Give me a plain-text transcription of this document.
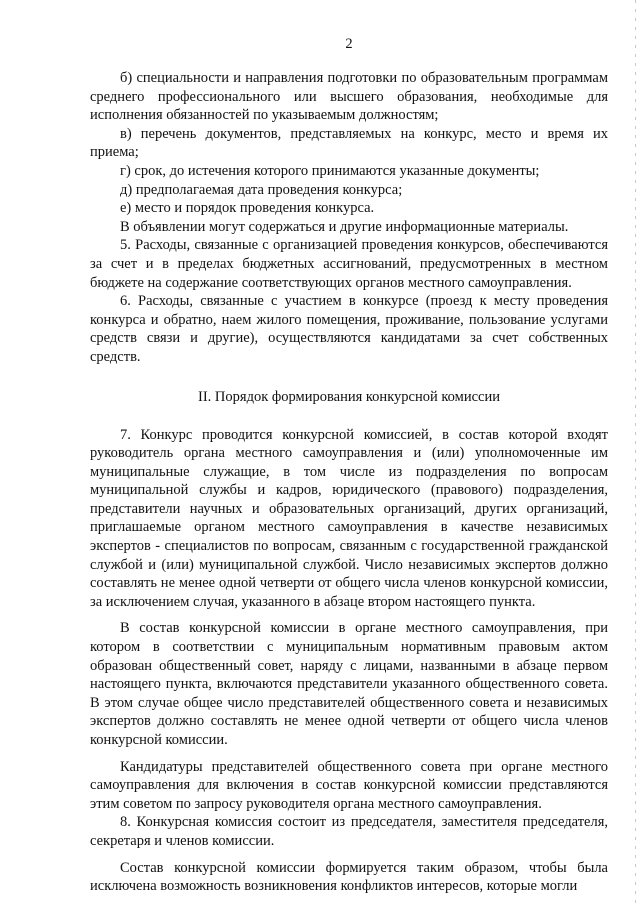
2

б) специальности и направления подготовки по образовательным программам среднего профессионального или высшего образования, необходимые для исполнения обязанностей по указываемым должностям;

в) перечень документов, представляемых на конкурс, место и время их приема;

г) срок, до истечения которого принимаются указанные документы;

д) предполагаемая дата проведения конкурса;

е) место и порядок проведения конкурса.

В объявлении могут содержаться и другие информационные материалы.

5. Расходы, связанные с организацией проведения конкурсов, обеспечиваются за счет и в пределах бюджетных ассигнований, предусмотренных в местном бюджете на содержание соответствующих органов местного самоуправления.

6. Расходы, связанные с участием в конкурсе (проезд к месту проведения конкурса и обратно, наем жилого помещения, проживание, пользование услугами средств связи и другие), осуществляются кандидатами за счет собственных средств.

II. Порядок формирования конкурсной комиссии

7. Конкурс проводится конкурсной комиссией, в состав которой входят руководитель органа местного самоуправления и (или) уполномоченные им муниципальные служащие, в том числе из подразделения по вопросам муниципальной службы и кадров, юридического (правового) подразделения, представители научных и образовательных организаций, других организаций, приглашаемые органом местного самоуправления в качестве независимых экспертов - специалистов по вопросам, связанным с государственной гражданской службой и (или) муниципальной службой. Число независимых экспертов должно составлять не менее одной четверти от общего числа членов конкурсной комиссии, за исключением случая, указанного в абзаце втором настоящего пункта.

В состав конкурсной комиссии в органе местного самоуправления, при котором в соответствии с муниципальным нормативным правовым актом образован общественный совет, наряду с лицами, названными в абзаце первом настоящего пункта, включаются представители указанного общественного совета. В этом случае общее число представителей общественного совета и независимых экспертов должно составлять не менее одной четверти от общего числа членов конкурсной комиссии.

Кандидатуры представителей общественного совета при органе местного самоуправления для включения в состав конкурсной комиссии представляются этим советом по запросу руководителя органа местного самоуправления.

8. Конкурсная комиссия состоит из председателя, заместителя председателя, секретаря и членов комиссии.

Состав конкурсной комиссии формируется таким образом, чтобы была исключена возможность возникновения конфликтов интересов, которые могли
